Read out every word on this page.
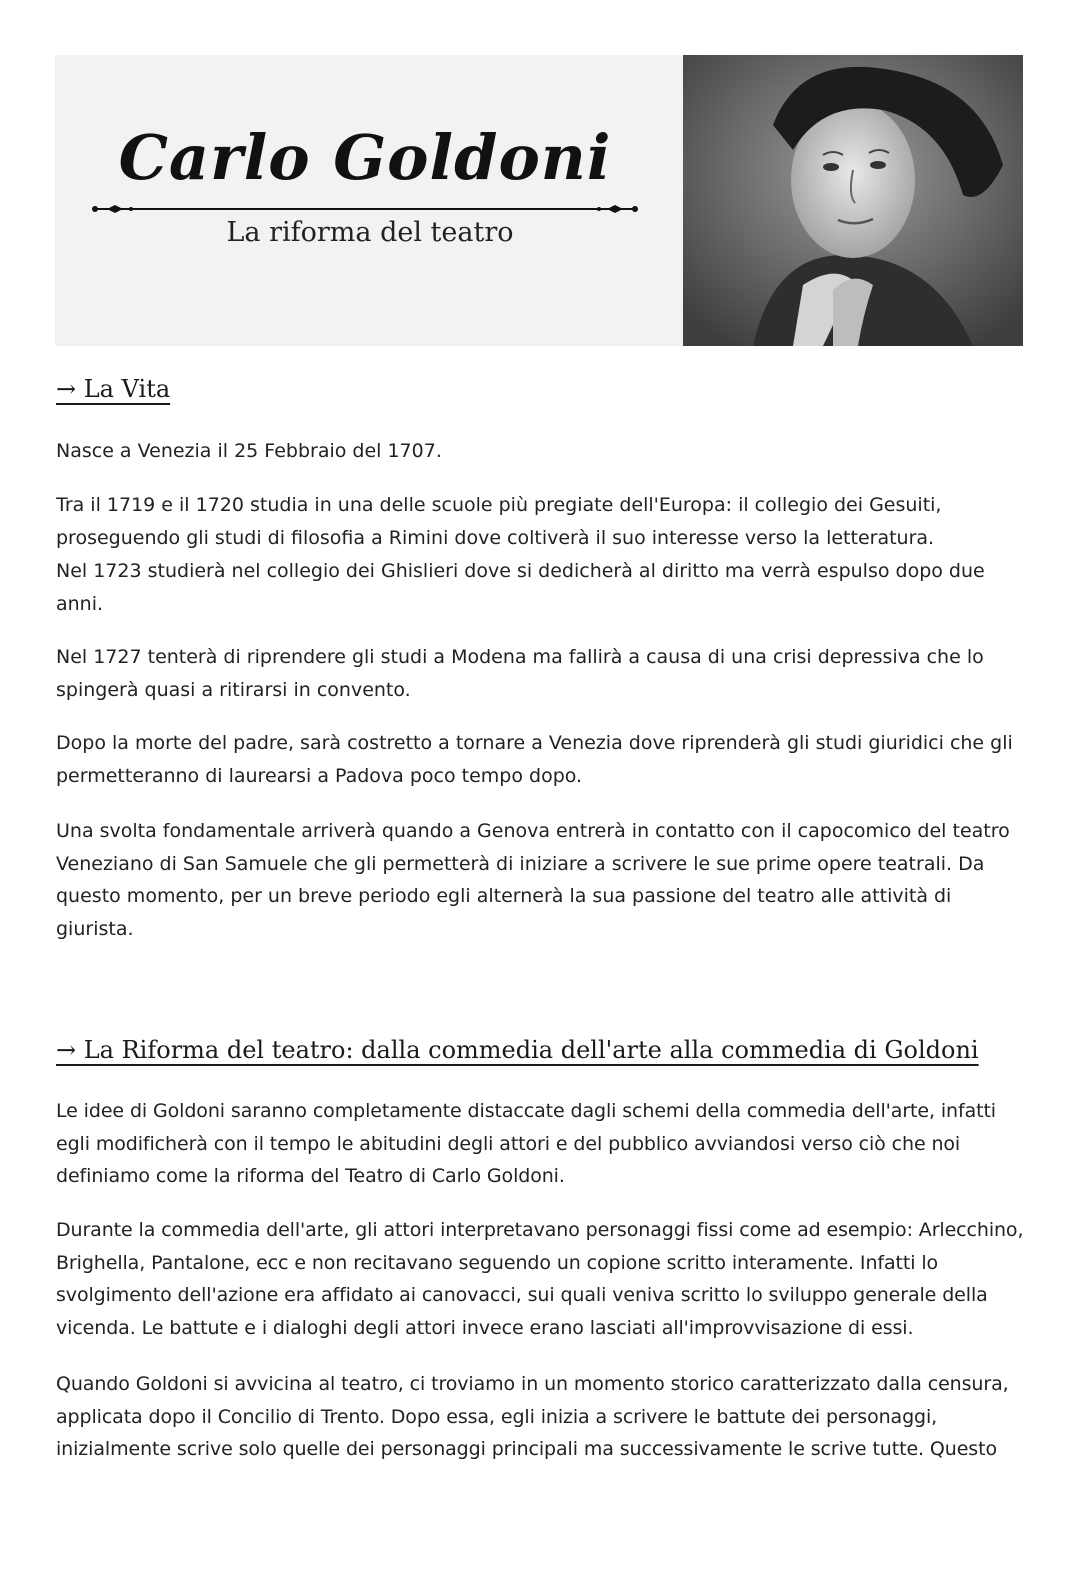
Carlo Goldoni
La riforma del teatro
→ La Vita
Nasce a Venezia il 25 Febbraio del 1707.
Tra il 1719 e il 1720 studia in una delle scuole più pregiate dell'Europa: il collegio dei Gesuiti, proseguendo gli studi di filosofia a Rimini dove coltiverà il suo interesse verso la letteratura.
Nel 1723 studierà nel collegio dei Ghislieri dove si dedicherà al diritto ma verrà espulso dopo due anni.
Nel 1727 tenterà di riprendere gli studi a Modena ma fallirà a causa di una crisi depressiva che lo spingerà quasi a ritirarsi in convento.
Dopo la morte del padre, sarà costretto a tornare a Venezia dove riprenderà gli studi giuridici che gli permetteranno di laurearsi a Padova poco tempo dopo.
Una svolta fondamentale arriverà quando a Genova entrerà in contatto con il capocomico del teatro Veneziano di San Samuele che gli permetterà di iniziare a scrivere le sue prime opere teatrali. Da questo momento, per un breve periodo egli alternerà la sua passione del teatro alle attività di giurista.
→ La Riforma del teatro: dalla commedia dell'arte alla commedia di Goldoni
Le idee di Goldoni saranno completamente distaccate dagli schemi della commedia dell'arte, infatti egli modificherà con il tempo le abitudini degli attori e del pubblico avviandosi verso ciò che noi definiamo come la riforma del Teatro di Carlo Goldoni.
Durante la commedia dell'arte, gli attori interpretavano personaggi fissi come ad esempio: Arlecchino, Brighella, Pantalone, ecc e non recitavano seguendo un copione scritto interamente. Infatti lo svolgimento dell'azione era affidato ai canovacci, sui quali veniva scritto lo sviluppo generale della vicenda. Le battute e i dialoghi degli attori invece erano lasciati all'improvvisazione di essi.
Quando Goldoni si avvicina al teatro, ci troviamo in un momento storico caratterizzato dalla censura, applicata dopo il Concilio di Trento. Dopo essa, egli inizia a scrivere le battute dei personaggi, inizialmente scrive solo quelle dei personaggi principali ma successivamente le scrive tutte. Questo
